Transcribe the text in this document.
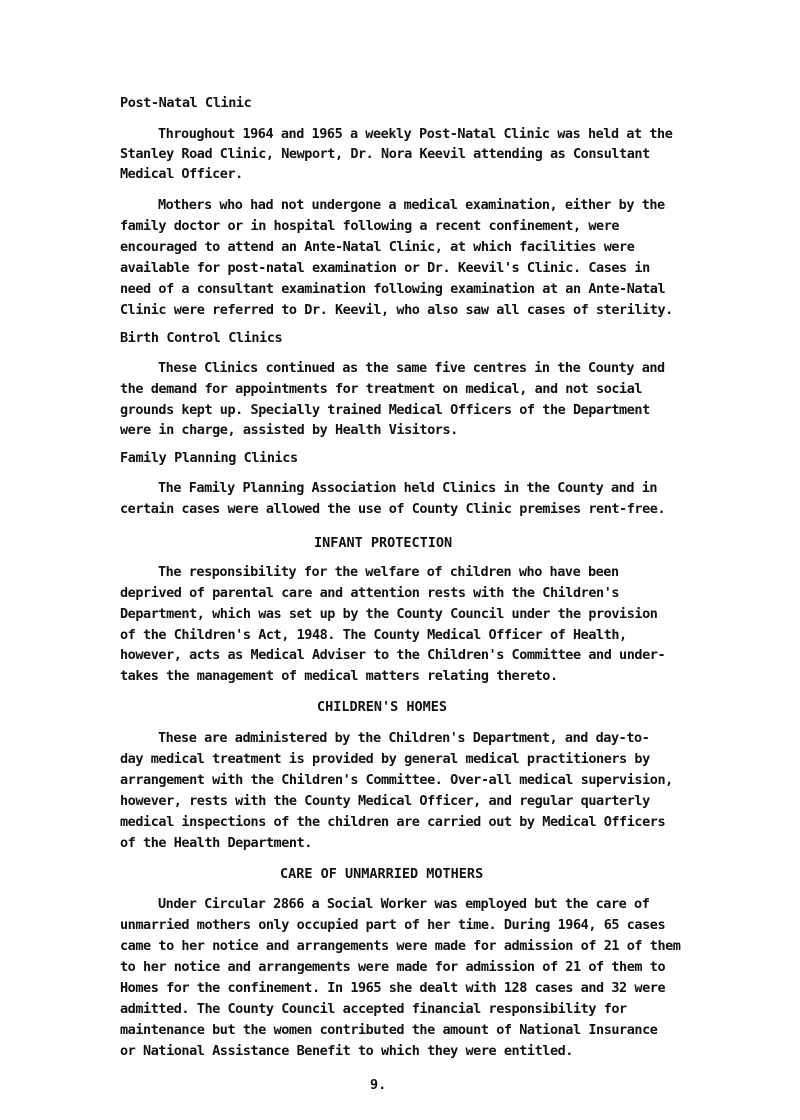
Post-Natal Clinic
Throughout 1964 and 1965 a weekly Post-Natal Clinic was held at the
Stanley Road Clinic, Newport, Dr. Nora Keevil attending as Consultant
Medical Officer.
Mothers who had not undergone a medical examination, either by the
family doctor or in hospital following a recent confinement, were
encouraged to attend an Ante-Natal Clinic, at which facilities were
available for post-natal examination or Dr. Keevil's Clinic. Cases in
need of a consultant examination following examination at an Ante-Natal
Clinic were referred to Dr. Keevil, who also saw all cases of sterility.
Birth Control Clinics
These Clinics continued as the same five centres in the County and
the demand for appointments for treatment on medical, and not social
grounds kept up. Specially trained Medical Officers of the Department
were in charge, assisted by Health Visitors.
Family Planning Clinics
The Family Planning Association held Clinics in the County and in
certain cases were allowed the use of County Clinic premises rent-free.
INFANT PROTECTION
The responsibility for the welfare of children who have been
deprived of parental care and attention rests with the Children's
Department, which was set up by the County Council under the provision
of the Children's Act, 1948. The County Medical Officer of Health,
however, acts as Medical Adviser to the Children's Committee and under-
takes the management of medical matters relating thereto.
CHILDREN'S HOMES
These are administered by the Children's Department, and day-to-
day medical treatment is provided by general medical practitioners by
arrangement with the Children's Committee. Over-all medical supervision,
however, rests with the County Medical Officer, and regular quarterly
medical inspections of the children are carried out by Medical Officers
of the Health Department.
CARE OF UNMARRIED MOTHERS
Under Circular 2866 a Social Worker was employed but the care of
unmarried mothers only occupied part of her time. During 1964, 65 cases
came to her notice and arrangements were made for admission of 21 of them
to her notice and arrangements were made for admission of 21 of them to
Homes for the confinement. In 1965 she dealt with 128 cases and 32 were
admitted. The County Council accepted financial responsibility for
maintenance but the women contributed the amount of National Insurance
or National Assistance Benefit to which they were entitled.
9.
